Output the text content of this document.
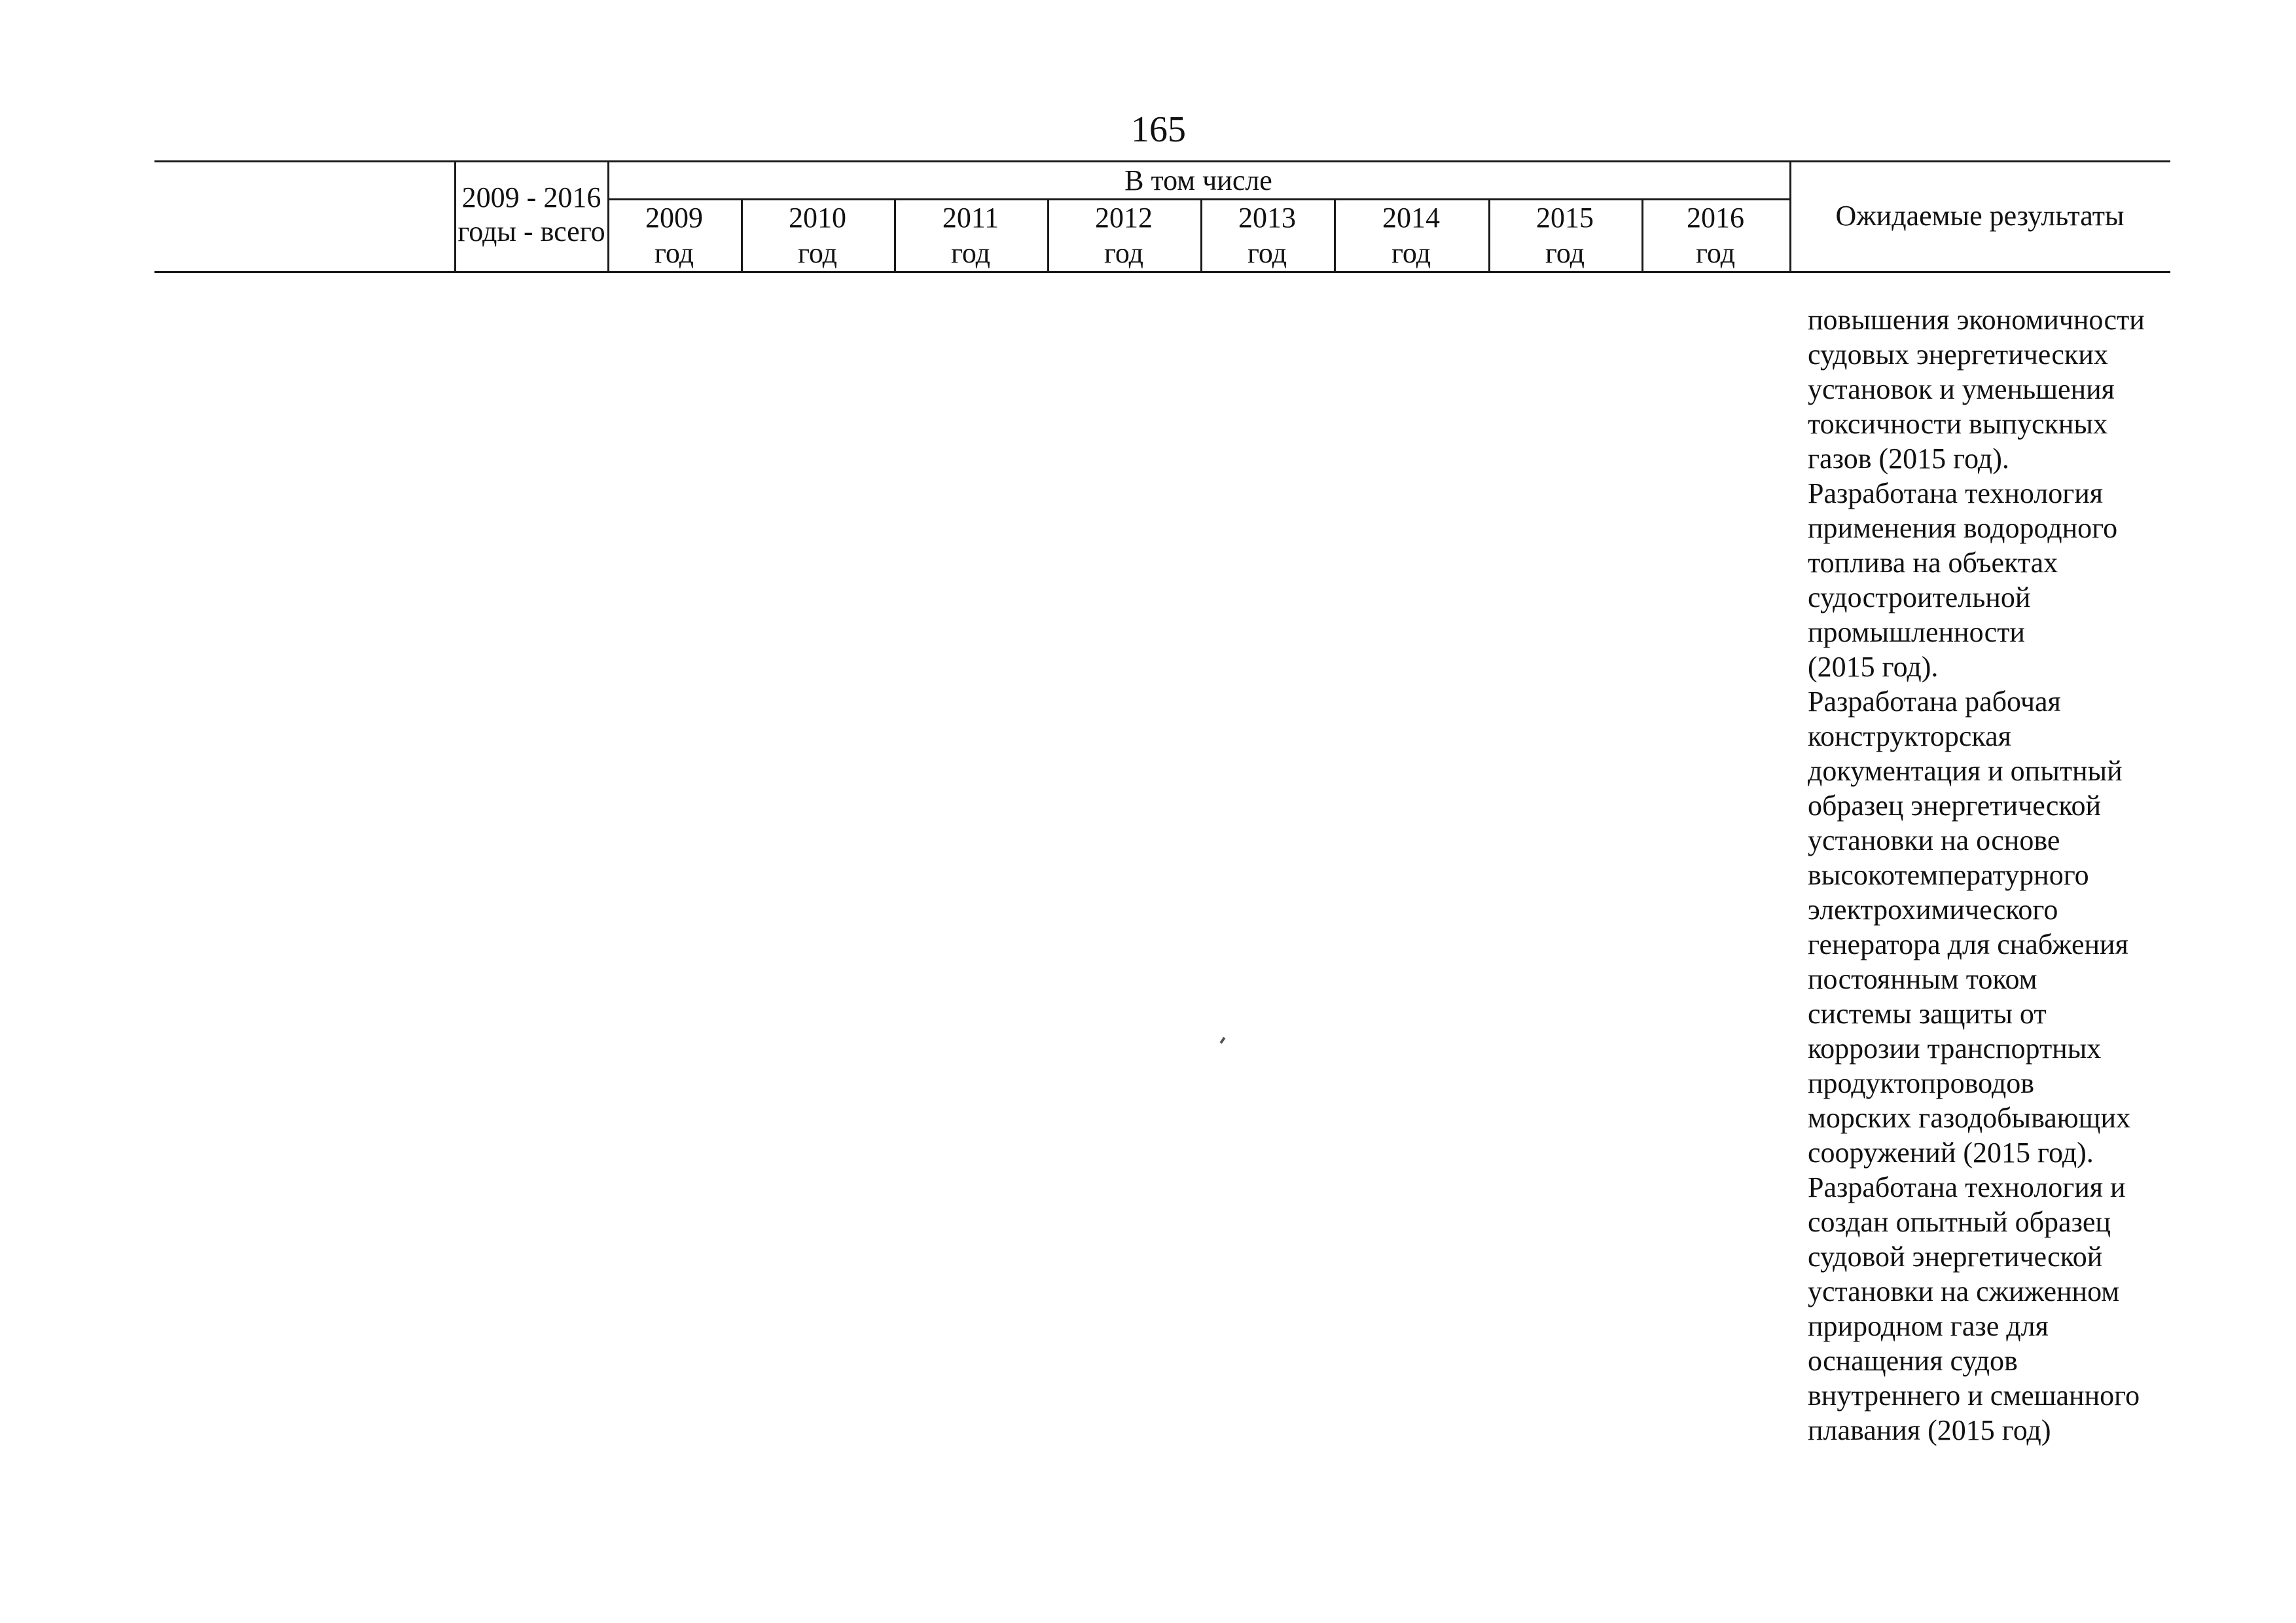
165
2009 - 2016
годы - всего
В том числе
2009
год
2010
год
2011
год
2012
год
2013
год
2014
год
2015
год
2016
год
Ожидаемые результаты

повышения экономичности

судовых энергетических

установок и уменьшения

токсичности выпускных

газов (2015 год).

Разработана технология

применения водородного

топлива на объектах

судостроительной

промышленности

(2015 год).

Разработана рабочая

конструкторская

документация и опытный

образец энергетической

установки на основе

высокотемпературного

электрохимического

генератора для снабжения

постоянным током

системы защиты от

коррозии транспортных

продуктопроводов

морских газодобывающих

сооружений (2015 год).

Разработана технология и

создан опытный образец

судовой энергетической

установки на сжиженном

природном газе для

оснащения судов

внутреннего и смешанного

плавания (2015 год)
